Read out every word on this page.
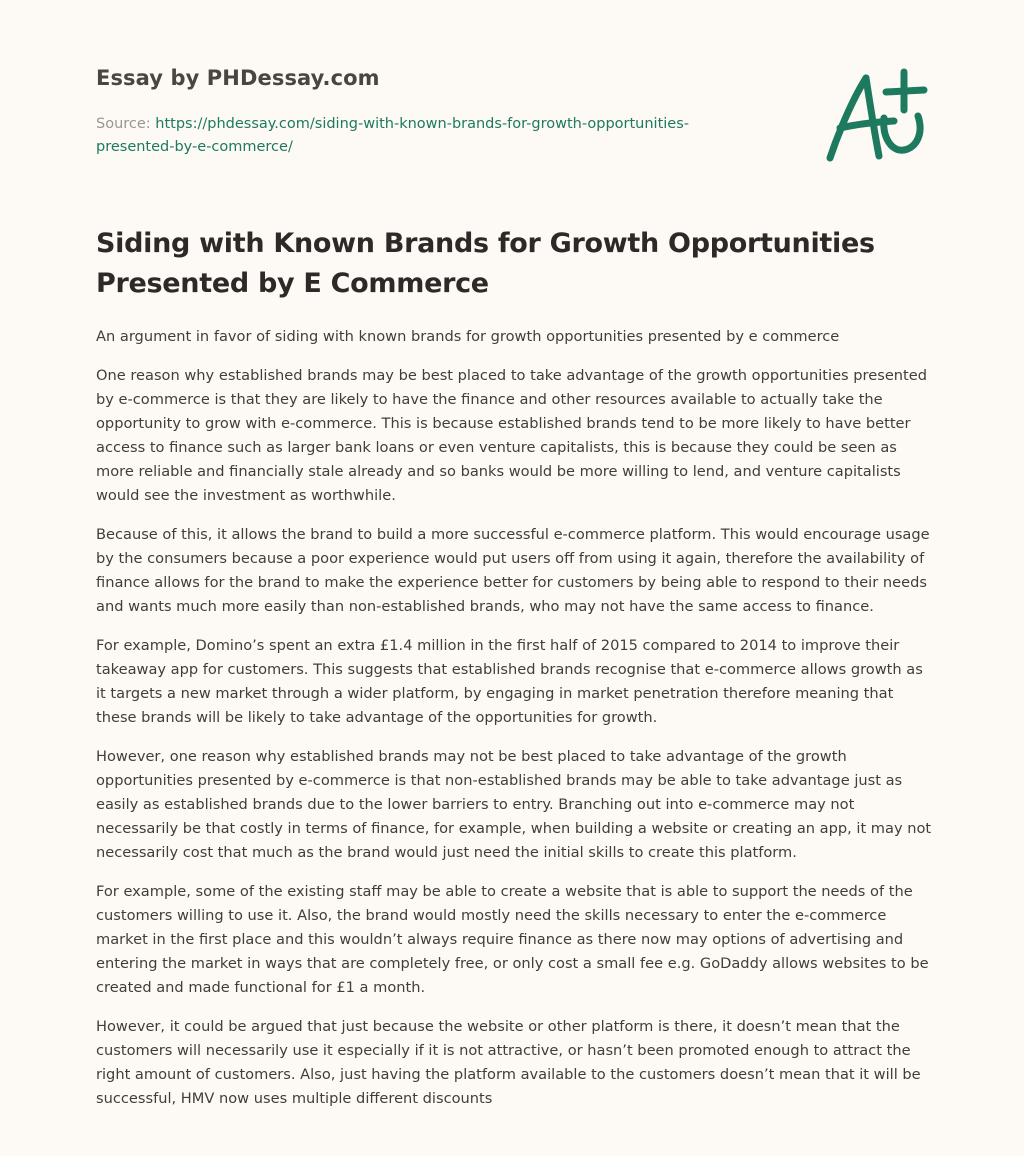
Essay by PHDessay.com

Source: https://phdessay.com/siding-with-known-brands-for-growth-opportunities-presented-by-e-commerce/

Siding with Known Brands for Growth Opportunities Presented by E Commerce

An argument in favor of siding with known brands for growth opportunities presented by e commerce

One reason why established brands may be best placed to take advantage of the growth opportunities presented by e-commerce is that they are likely to have the finance and other resources available to actually take the opportunity to grow with e-commerce. This is because established brands tend to be more likely to have better access to finance such as larger bank loans or even venture capitalists, this is because they could be seen as more reliable and financially stale already and so banks would be more willing to lend, and venture capitalists would see the investment as worthwhile.

Because of this, it allows the brand to build a more successful e-commerce platform. This would encourage usage by the consumers because a poor experience would put users off from using it again, therefore the availability of finance allows for the brand to make the experience better for customers by being able to respond to their needs and wants much more easily than non-established brands, who may not have the same access to finance.

For example, Domino’s spent an extra £1.4 million in the first half of 2015 compared to 2014 to improve their takeaway app for customers. This suggests that established brands recognise that e-commerce allows growth as it targets a new market through a wider platform, by engaging in market penetration therefore meaning that these brands will be likely to take advantage of the opportunities for growth.

However, one reason why established brands may not be best placed to take advantage of the growth opportunities presented by e-commerce is that non-established brands may be able to take advantage just as easily as established brands due to the lower barriers to entry. Branching out into e-commerce may not necessarily be that costly in terms of finance, for example, when building a website or creating an app, it may not necessarily cost that much as the brand would just need the initial skills to create this platform.

For example, some of the existing staff may be able to create a website that is able to support the needs of the customers willing to use it. Also, the brand would mostly need the skills necessary to enter the e-commerce market in the first place and this wouldn’t always require finance as there now may options of advertising and entering the market in ways that are completely free, or only cost a small fee e.g. GoDaddy allows websites to be created and made functional for £1 a month.

However, it could be argued that just because the website or other platform is there, it doesn’t mean that the customers will necessarily use it especially if it is not attractive, or hasn’t been promoted enough to attract the right amount of customers. Also, just having the platform available to the customers doesn’t mean that it will be successful, HMV now uses multiple different discounts
